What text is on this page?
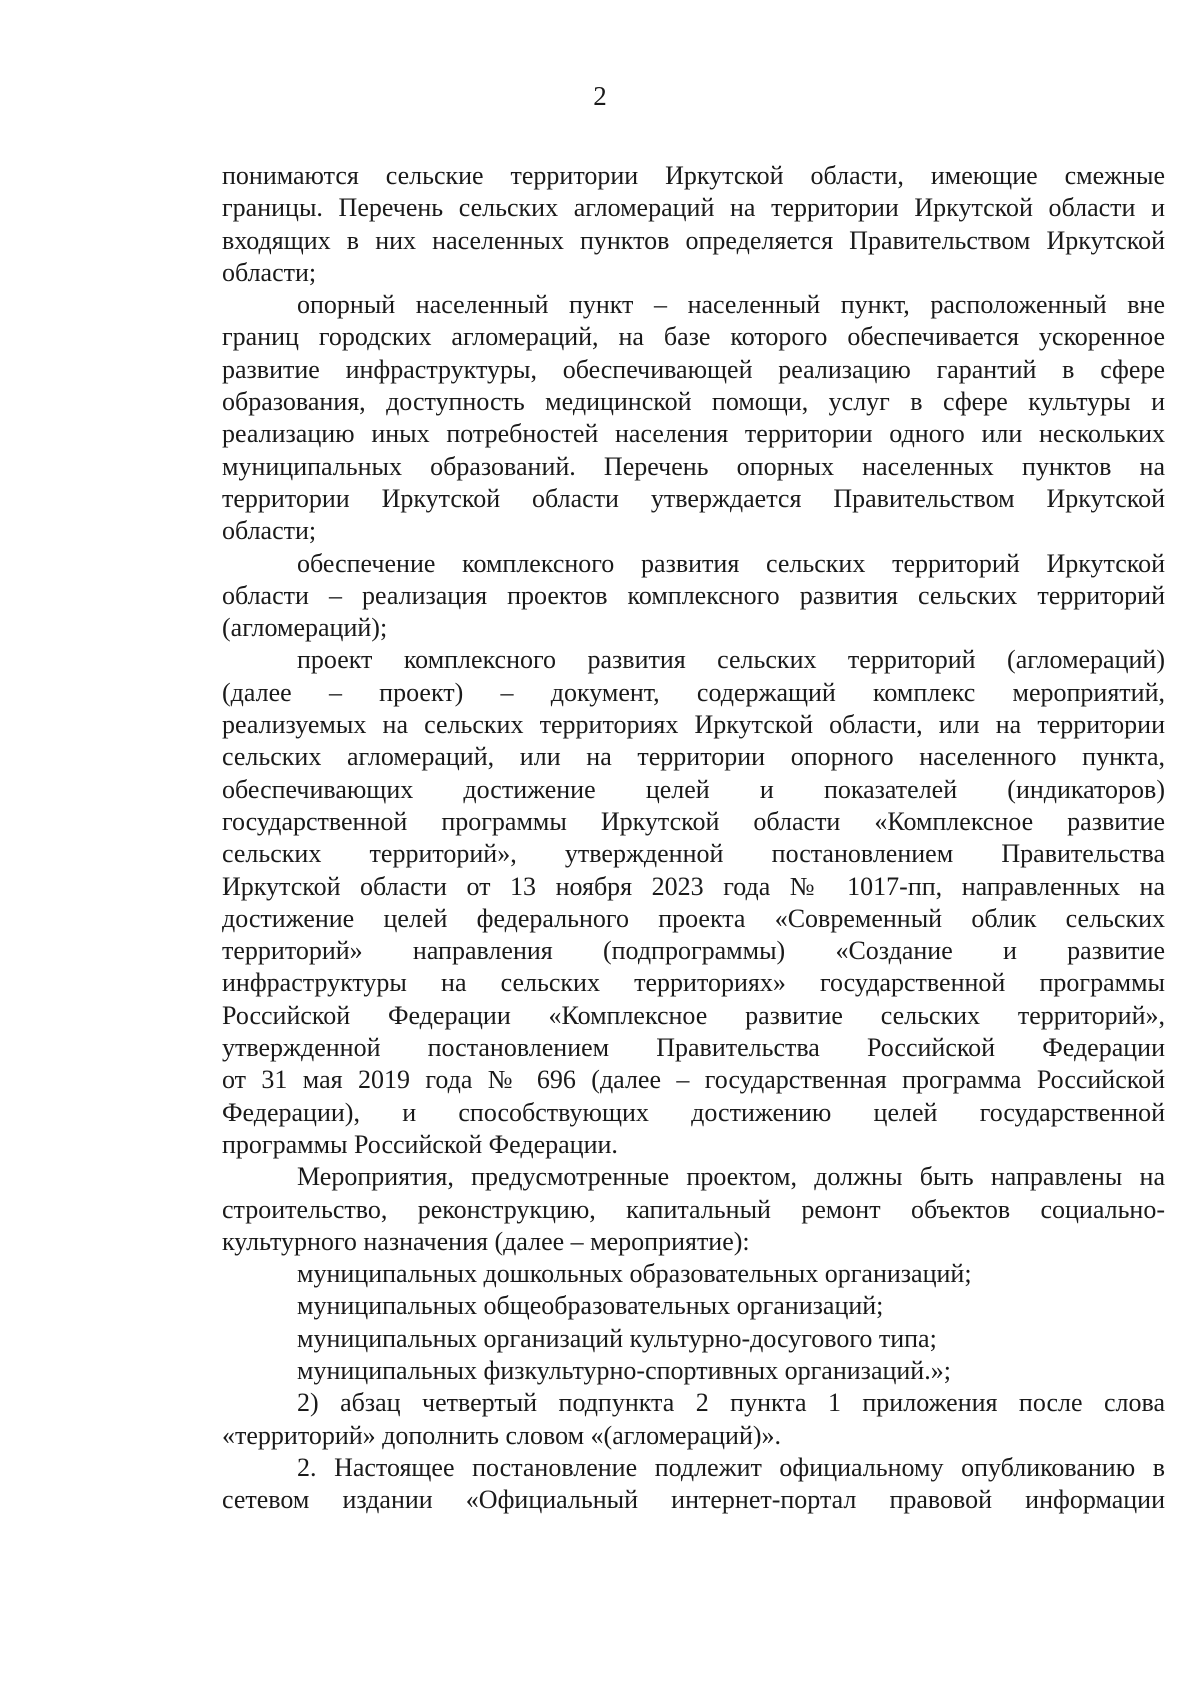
2
понимаются сельские территории Иркутской области, имеющие смежные
границы. Перечень сельских агломераций на территории Иркутской области и
входящих в них населенных пунктов определяется Правительством Иркутской
области;
опорный населенный пункт – населенный пункт, расположенный вне
границ городских агломераций, на базе которого обеспечивается ускоренное
развитие инфраструктуры, обеспечивающей реализацию гарантий в сфере
образования, доступность медицинской помощи, услуг в сфере культуры и
реализацию иных потребностей населения территории одного или нескольких
муниципальных образований. Перечень опорных населенных пунктов на
территории Иркутской области утверждается Правительством Иркутской
области;
обеспечение комплексного развития сельских территорий Иркутской
области – реализация проектов комплексного развития сельских территорий
(агломераций);
проект комплексного развития сельских территорий (агломераций)
(далее – проект) – документ, содержащий комплекс мероприятий,
реализуемых на сельских территориях Иркутской области, или на территории
сельских агломераций, или на территории опорного населенного пункта,
обеспечивающих достижение целей и показателей (индикаторов)
государственной программы Иркутской области «Комплексное развитие
сельских территорий», утвержденной постановлением Правительства
Иркутской области от 13 ноября 2023 года № 1017-пп, направленных на
достижение целей федерального проекта «Современный облик сельских
территорий» направления (подпрограммы) «Создание и развитие
инфраструктуры на сельских территориях» государственной программы
Российской Федерации «Комплексное развитие сельских территорий»,
утвержденной постановлением Правительства Российской Федерации
от 31 мая 2019 года № 696 (далее – государственная программа Российской
Федерации), и способствующих достижению целей государственной
программы Российской Федерации.
Мероприятия, предусмотренные проектом, должны быть направлены на
строительство, реконструкцию, капитальный ремонт объектов социально-
культурного назначения (далее – мероприятие):
муниципальных дошкольных образовательных организаций;
муниципальных общеобразовательных организаций;
муниципальных организаций культурно-досугового типа;
муниципальных физкультурно-спортивных организаций.»;
2) абзац четвертый подпункта 2 пункта 1 приложения после слова
«территорий» дополнить словом «(агломераций)».
2. Настоящее постановление подлежит официальному опубликованию в
сетевом издании «Официальный интернет-портал правовой информации
